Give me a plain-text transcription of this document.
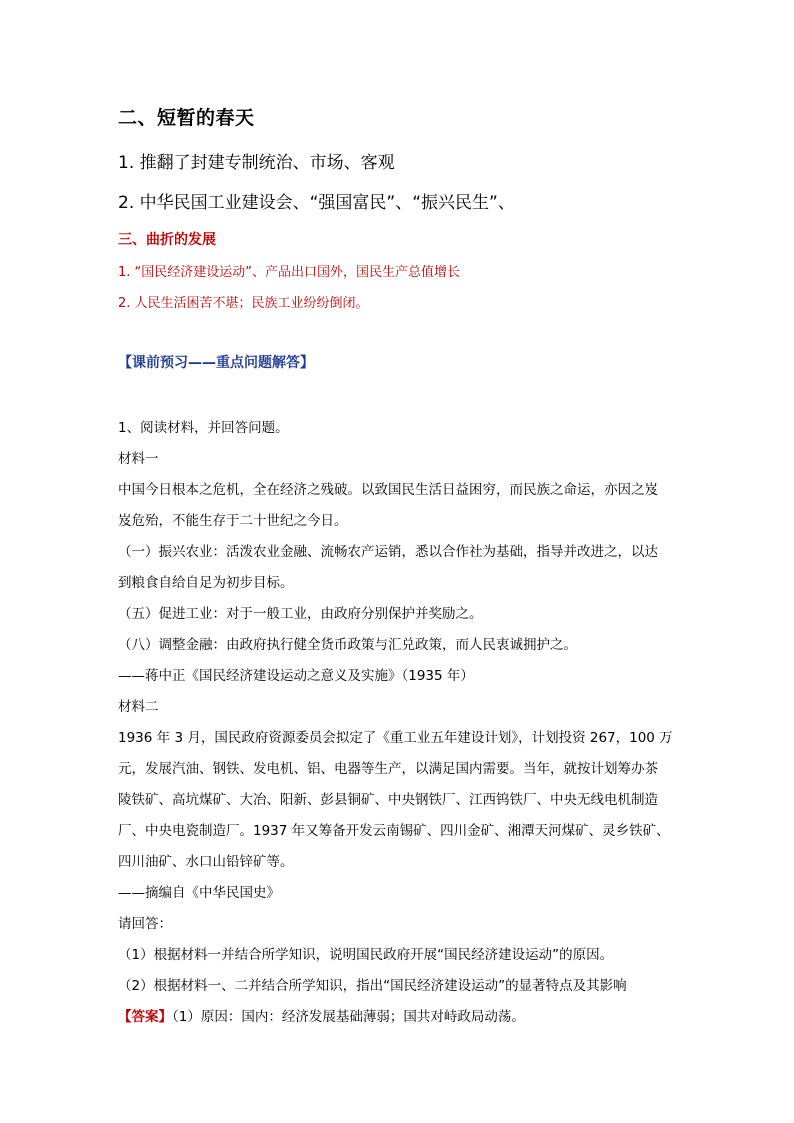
二、短暂的春天
1. 推翻了封建专制统治、市场、客观
2. 中华民国工业建设会、“强国富民”、“振兴民生”、
三、曲折的发展
1. “国民经济建设运动”、产品出口国外，国民生产总值增长
2. 人民生活困苦不堪；民族工业纷纷倒闭。
【课前预习——重点问题解答】
1、阅读材料，并回答问题。
材料一
中国今日根本之危机，全在经济之残破。以致国民生活日益困穷，而民族之命运，亦因之岌
岌危殆，不能生存于二十世纪之今日。
（一）振兴农业：活泼农业金融、流畅农产运销，悉以合作社为基础，指导并改进之，以达
到粮食自给自足为初步目标。
（五）促进工业：对于一般工业，由政府分别保护并奖励之。
（八）调整金融：由政府执行健全货币政策与汇兑政策，而人民衷诚拥护之。
——蒋中正《国民经济建设运动之意义及实施》（1935 年）
材料二
1936 年 3 月，国民政府资源委员会拟定了《重工业五年建设计划》，计划投资 267，100 万
元，发展汽油、钢铁、发电机、铝、电器等生产，以满足国内需要。当年，就按计划筹办茶
陵铁矿、高坑煤矿、大冶、阳新、彭县铜矿、中央钢铁厂、江西钨铁厂、中央无线电机制造
厂、中央电瓷制造厂。1937 年又筹备开发云南锡矿、四川金矿、湘潭天河煤矿、灵乡铁矿、
四川油矿、水口山铅锌矿等。
——摘编自《中华民国史》
请回答：
（1）根据材料一并结合所学知识，说明国民政府开展“国民经济建设运动”的原因。
（2）根据材料一、二并结合所学知识，指出“国民经济建设运动”的显著特点及其影响
【答案】（1）原因：国内：经济发展基础薄弱；国共对峙政局动荡。
